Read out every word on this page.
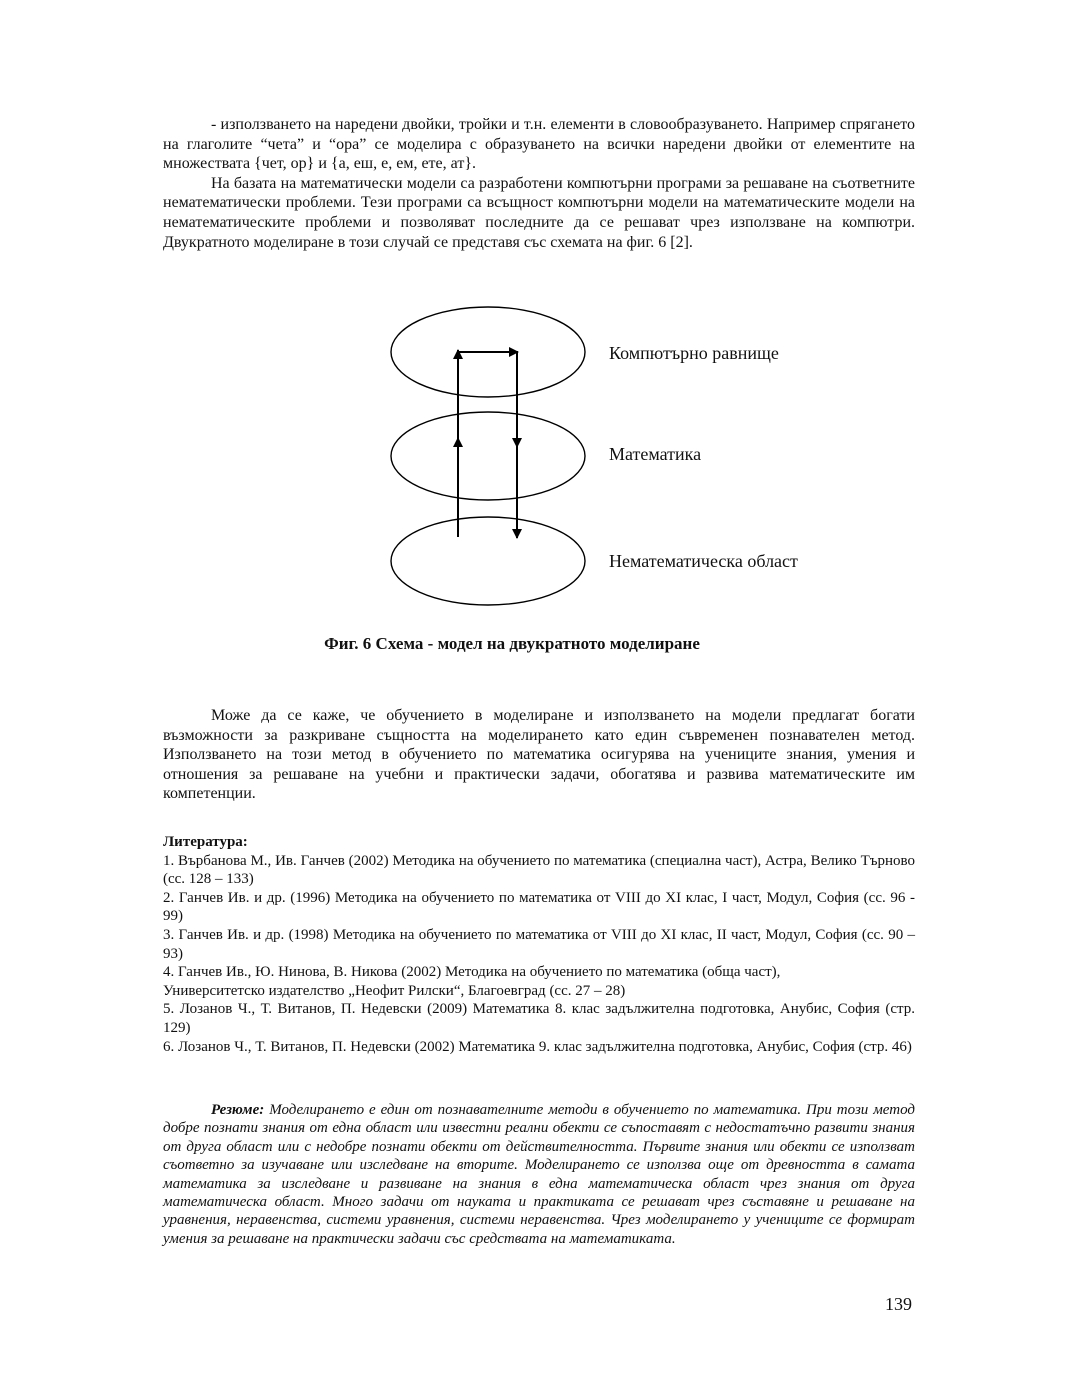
- използването на наредени двойки, тройки и т.н. елементи в словообразуването. Например спрягането на глаголите “чета” и “ора” се моделира с образуването на всички наредени двойки от елементите на множествата {чет, ор} и {а, еш, е, ем, ете, ат}.

На базата на математически модели са разработени компютърни програми за решаване на съответните нематематически проблеми. Тези програми са всъщност компютърни модели на математическите модели на нематематическите проблеми и позволяват последните да се решават чрез използване на компютри. Двукратното моделиране в този случай се представя със схемата на фиг. 6 [2].

Компютърно равнище
Математика
Нематематическа област
Фиг. 6 Схема - модел на двукратното моделиране

Може да се каже, че обучението в моделиране и използването на модели предлагат богати възможности за разкриване същността на моделирането като един съвременен познавателен метод. Използването на този метод в обучението по математика осигурява на учениците знания, умения и отношения за решаване на учебни и практически задачи, обогатява и развива математическите им компетенции.

Литература:

1. Върбанова М., Ив. Ганчев (2002) Методика на обучението по математика (специална част), Астра, Велико Търново (сс. 128 – 133)

2. Ганчев Ив. и др. (1996) Методика на обучението по математика от VIII до XI клас, I част, Модул, София (сс. 96 - 99)

3. Ганчев Ив. и др. (1998) Методика на обучението по математика от VIII до XI клас, II част, Модул, София (сс. 90 – 93)

4. Ганчев Ив., Ю. Нинова, В. Никова (2002) Методика на обучението по математика (обща част),

Университетско издателство „Неофит Рилски“, Благоевград (сс. 27 – 28)

5. Лозанов Ч., Т. Витанов, П. Недевски (2009) Математика 8. клас задължителна подготовка, Анубис, София (стр. 129)

6. Лозанов Ч., Т. Витанов, П. Недевски (2002) Математика 9. клас задължителна подготовка, Анубис, София (стр. 46)

Резюме: Моделирането е един от познавателните методи в обучението по математика. При този метод добре познати знания от една област или известни реални обекти се съпоставят с недостатъчно развити знания от друга област или с недобре познати обекти от действителността. Първите знания или обекти се използват съответно за изучаване или изследване на вторите. Моделирането се използва още от древността в самата математика за изследване и развиване на знания в една математическа област чрез знания от друга математическа област. Много задачи от науката и практиката се решават чрез съставяне и решаване на уравнения, неравенства, системи уравнения, системи неравенства. Чрез моделирането у учениците се формират умения за решаване на практически задачи със средствата на математиката.

139
